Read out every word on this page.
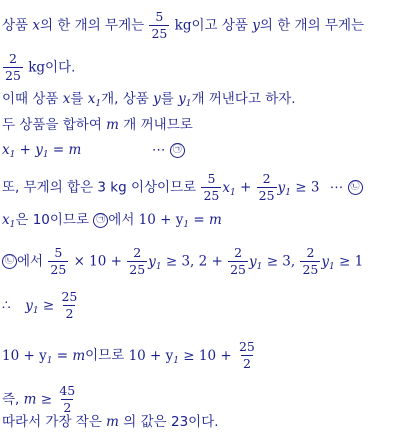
상품 x의 한 개의 무게는 $\frac{5}{25}$ kg이고 상품 y의 한 개의 무게는
$\frac{2}{25}$ kg이다.
이때 상품 x를 $x_1$개, 상품 y를 $y_1$개 꺼낸다고 하자.
두 상품을 합하여 m 개 꺼내므로
$x_1 + y_1 = m$	⋯ ㉠
또, 무게의 합은 3 kg 이상이므로 $\frac{5}{25} x_1 + \frac{2}{25} y_1 \ge 3$ ⋯ ㉡
$x_1$은 10이므로 ㉠ 에서 $10 + y_1 = m$
㉡ 에서 $\frac{5}{25} \times 10 + \frac{2}{25} y_1 \ge 3$, $2 + \frac{2}{25} y_1 \ge 3$, $\frac{2}{25} y_1 \ge 1$
∴ $y_1 \ge \frac{25}{2}$
$10 + y_1 = m$이므로 $10 + y_1 \ge 10 + \frac{25}{2}$
즉, $m \ge \frac{45}{2}$
따라서 가장 작은 m 의 값은 23이다.
